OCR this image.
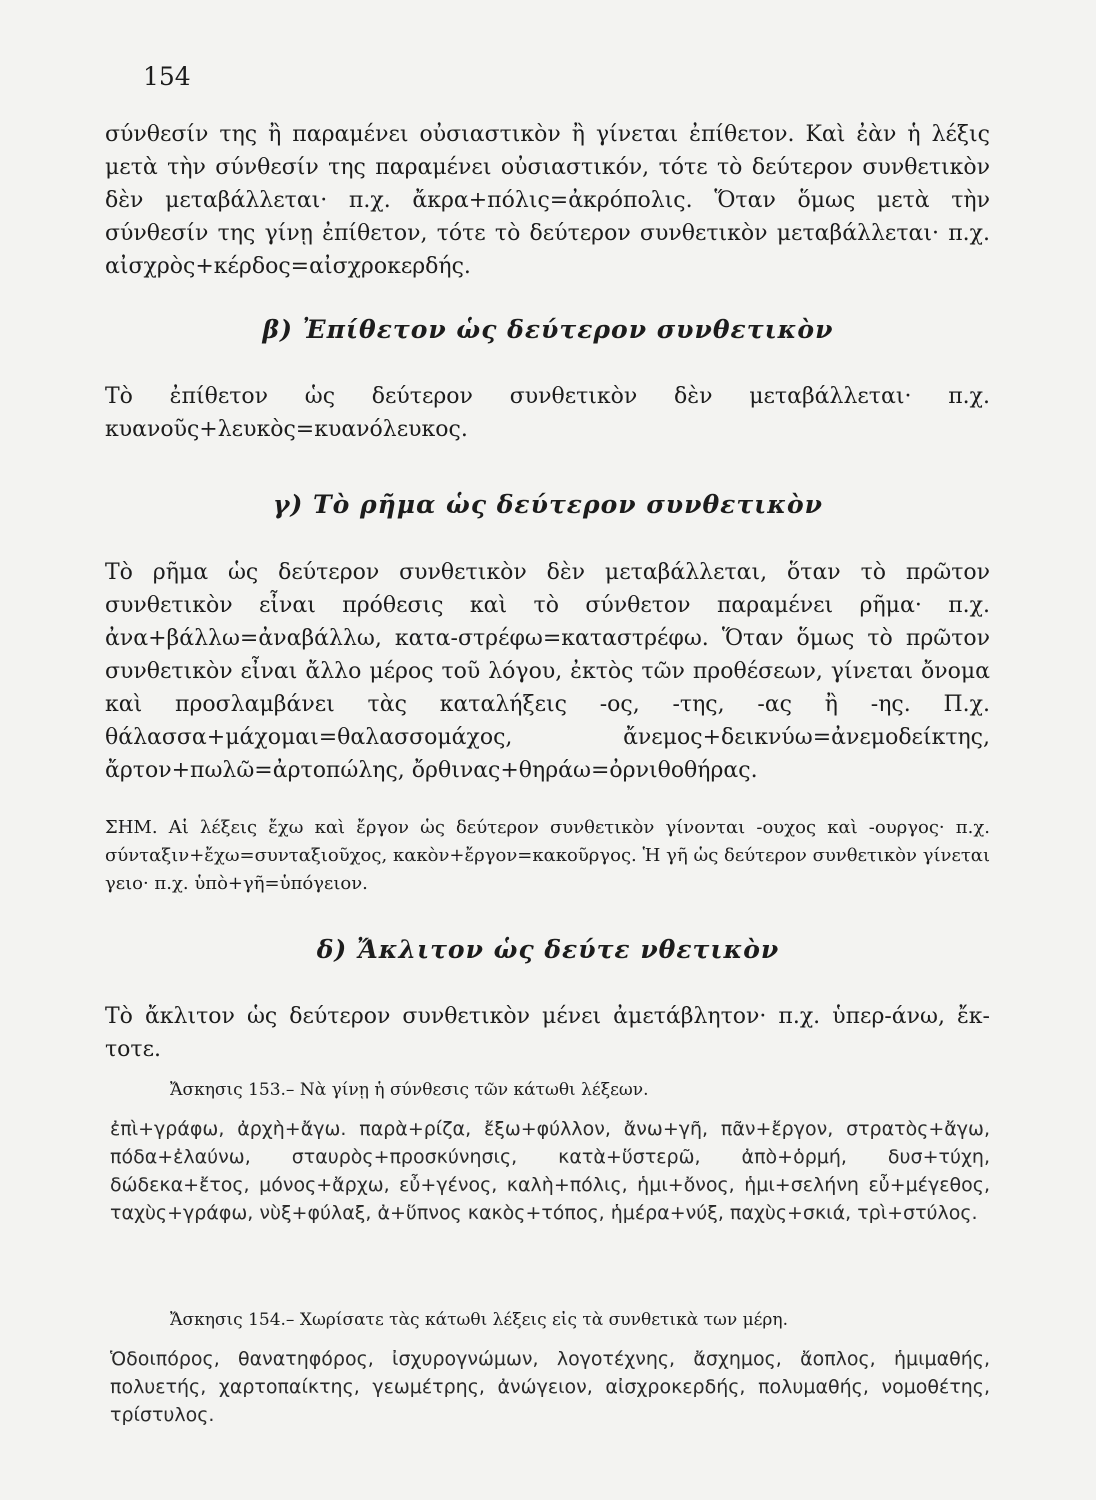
154

σύνθεσίν της ἢ παραμένει οὐσιαστικὸν ἢ γίνεται ἐπίθετον. Καὶ ἐὰν ἡ λέξις μετὰ τὴν σύνθεσίν της παραμένει οὐσιαστικόν, τότε τὸ δεύτερον συνθετικὸν δὲν μεταβάλλεται· π.χ. ἄκρα+πόλις=ἀκρόπολις. Ὅταν ὅμως μετὰ τὴν σύνθεσίν της γίνῃ ἐπίθετον, τότε τὸ δεύτερον συνθετικὸν μεταβάλλεται· π.χ. αἰσχρὸς+κέρδος=αἰσχροκερδής.

β) Ἐπίθετον ὡς δεύτερον συνθετικὸν

Τὸ ἐπίθετον ὡς δεύτερον συνθετικὸν δὲν μεταβάλλεται· π.χ. κυανοῦς+λευκὸς=κυανόλευκος.

γ) Τὸ ρῆμα ὡς δεύτερον συνθετικὸν

Τὸ ρῆμα ὡς δεύτερον συνθετικὸν δὲν μεταβάλλεται, ὅταν τὸ πρῶτον συνθετικὸν εἶναι πρόθεσις καὶ τὸ σύνθετον παραμένει ρῆμα· π.χ. ἀνα+βάλλω=ἀναβάλλω, κατα-στρέφω=καταστρέφω. Ὅταν ὅμως τὸ πρῶτον συνθετικὸν εἶναι ἄλλο μέρος τοῦ λόγου, ἐκτὸς τῶν προθέσεων, γίνεται ὄνομα καὶ προσλαμβάνει τὰς καταλήξεις -ος, -της, -ας ἢ -ης. Π.χ. θάλασσα+μάχομαι=θαλασσομάχος, ἄνεμος+δεικνύω=ἀνεμοδείκτης, ἄρτον+πωλῶ=ἀρτοπώλης, ὄρθινας+θηράω=ὀρνιθοθήρας.

ΣΗΜ. Αἱ λέξεις ἔχω καὶ ἔργον ὡς δεύτερον συνθετικὸν γίνονται -ουχος καὶ -ουργος· π.χ. σύνταξιν+ἔχω=συνταξιοῦχος, κακὸν+ἔργον=κακοῦργος. Ἡ γῆ ὡς δεύτερον συνθετικὸν γίνεται γειο· π.χ. ὑπὸ+γῆ=ὑπόγειον.

δ) Ἄκλιτον ὡς δεύτε νθετικὸν

Τὸ ἄκλιτον ὡς δεύτερον συνθετικὸν μένει ἀμετάβλητον· π.χ. ὑπερ-άνω, ἔκ-τοτε.

Ἄσκησις 153.– Νὰ γίνῃ ἡ σύνθεσις τῶν κάτωθι λέξεων.

ἐπὶ+γράφω, ἀρχὴ+ἄγω. παρὰ+ρίζα, ἔξω+φύλλον, ἄνω+γῆ, πᾶν+ἔργον, στρατὸς+ἄγω, πόδα+ἐλαύνω, σταυρὸς+προσκύνησις, κατὰ+ὕστερῶ, ἀπὸ+ὁρμή, δυσ+τύχη, δώδεκα+ἔτος, μόνος+ἄρχω, εὖ+γένος, καλὴ+πόλις, ἡμι+ὄνος, ἡμι+σελήνη εὖ+μέγεθος, ταχὺς+γράφω, νὺξ+φύλαξ, ἀ+ὕπνος κακὸς+τόπος, ἡμέρα+νύξ, παχὺς+σκιά, τρὶ+στύλος.

Ἄσκησις 154.– Χωρίσατε τὰς κάτωθι λέξεις εἰς τὰ συνθετικὰ των μέρη.

Ὁδοιπόρος, θανατηφόρος, ἰσχυρογνώμων, λογοτέχνης, ἄσχημος, ἄοπλος, ἡμιμαθής, πολυετής, χαρτοπαίκτης, γεωμέτρης, ἀνώγειον, αἰσχροκερδής, πολυμαθής, νομοθέτης, τρίστυλος.
